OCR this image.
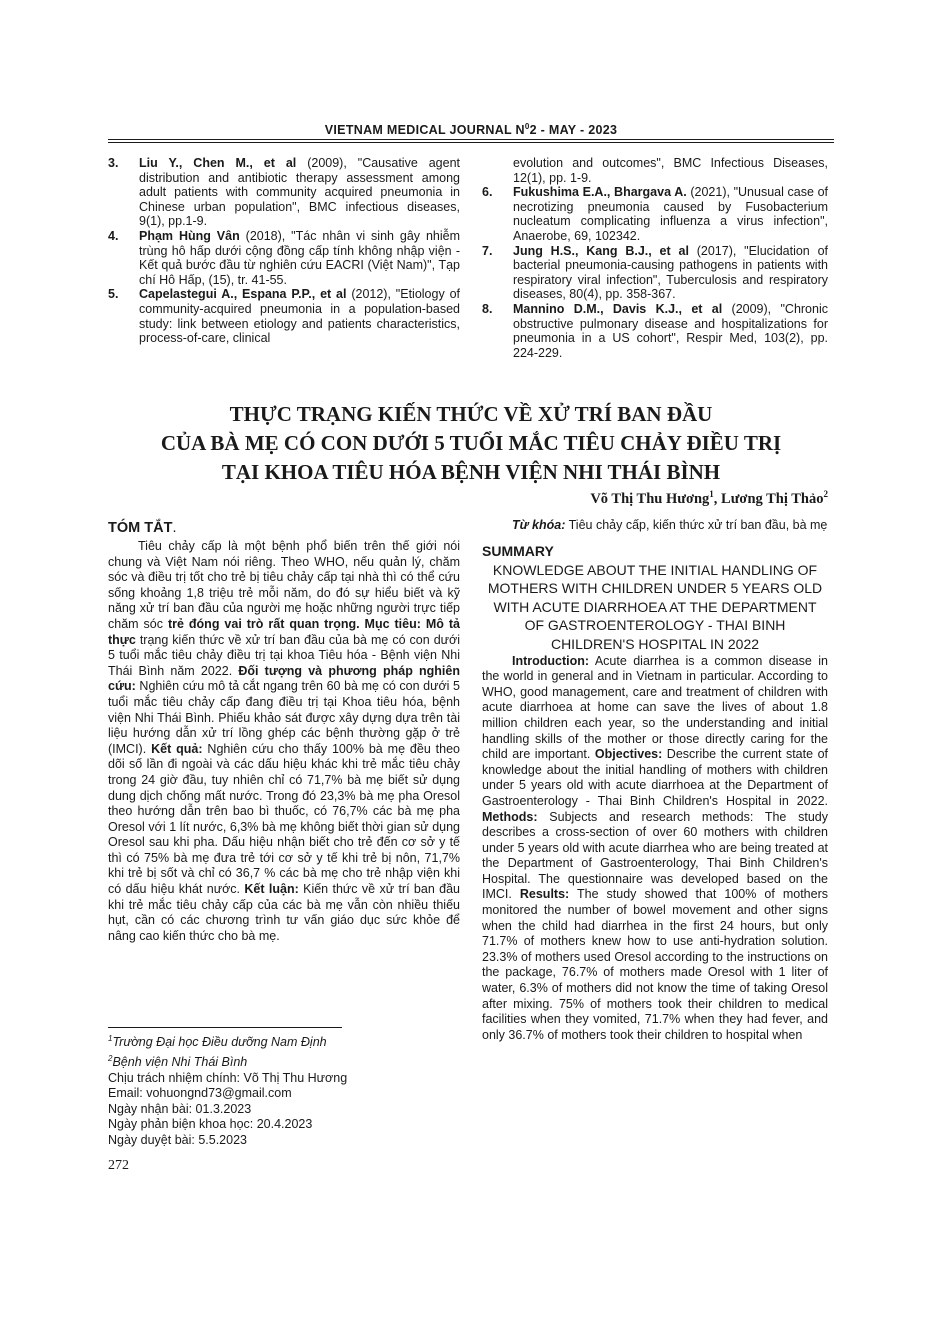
VIETNAM MEDICAL JOURNAL $N^02$ - MAY - 2023
3.	Liu Y., Chen M., et al (2009), "Causative agent distribution and antibiotic therapy assessment among adult patients with community acquired pneumonia in Chinese urban population", BMC infectious diseases, 9(1), pp.1-9.
4.	Phạm Hùng Vân (2018), "Tác nhân vi sinh gây nhiễm trùng hô hấp dưới cộng đồng cấp tính không nhập viện - Kết quả bước đầu từ nghiên cứu EACRI (Việt Nam)", Tạp chí Hô Hấp, (15), tr. 41-55.
5.	Capelastegui A., Espana P.P., et al (2012), "Etiology of community-acquired pneumonia in a population-based study: link between etiology and patients characteristics, process-of-care, clinical
evolution and outcomes", BMC Infectious Diseases, 12(1), pp. 1-9.
6.	Fukushima E.A., Bhargava A. (2021), "Unusual case of necrotizing pneumonia caused by Fusobacterium nucleatum complicating influenza a virus infection", Anaerobe, 69, 102342.
7.	Jung H.S., Kang B.J., et al (2017), "Elucidation of bacterial pneumonia-causing pathogens in patients with respiratory viral infection", Tuberculosis and respiratory diseases, 80(4), pp. 358-367.
8.	Mannino D.M., Davis K.J., et al (2009), "Chronic obstructive pulmonary disease and hospitalizations for pneumonia in a US cohort", Respir Med, 103(2), pp. 224-229.
THỰC TRẠNG KIẾN THỨC VỀ XỬ TRÍ BAN ĐẦU
CỦA BÀ MẸ CÓ CON DƯỚI 5 TUỔI MẮC TIÊU CHẢY ĐIỀU TRỊ
TẠI KHOA TIÊU HÓA BỆNH VIỆN NHI THÁI BÌNH
Võ Thị Thu Hương$^1$, Lương Thị Thảo$^2$
TÓM TẮT.
Tiêu chảy cấp là một bệnh phổ biến trên thế giới nói chung và Việt Nam nói riêng. Theo WHO, nếu quản lý, chăm sóc và điều trị tốt cho trẻ bị tiêu chảy cấp tại nhà thì có thể cứu sống khoảng 1,8 triệu trẻ mỗi năm, do đó sự hiểu biết và kỹ năng xử trí ban đầu của người mẹ hoặc những người trực tiếp chăm sóc trẻ đóng vai trò rất quan trọng. Mục tiêu: Mô tả thực trạng kiến thức về xử trí ban đầu của bà mẹ có con dưới 5 tuổi mắc tiêu chảy điều trị tại khoa Tiêu hóa - Bệnh viện Nhi Thái Bình năm 2022. Đối tượng và phương pháp nghiên cứu: Nghiên cứu mô tả cắt ngang trên 60 bà mẹ có con dưới 5 tuổi mắc tiêu chảy cấp đang điều trị tại Khoa tiêu hóa, bệnh viện Nhi Thái Bình. Phiếu khảo sát được xây dựng dựa trên tài liệu hướng dẫn xử trí lồng ghép các bệnh thường gặp ở trẻ (IMCI). Kết quả: Nghiên cứu cho thấy 100% bà mẹ đều theo dõi số lần đi ngoài và các dấu hiệu khác khi trẻ mắc tiêu chảy trong 24 giờ đầu, tuy nhiên chỉ có 71,7% bà mẹ biết sử dụng dung dịch chống mất nước. Trong đó 23,3% bà mẹ pha Oresol theo hướng dẫn trên bao bì thuốc, có 76,7% các bà mẹ pha Oresol với 1 lít nước, 6,3% bà mẹ không biết thời gian sử dụng Oresol sau khi pha. Dấu hiệu nhận biết cho trẻ đến cơ sở y tế thì có 75% bà mẹ đưa trẻ tới cơ sở y tế khi trẻ bị nôn, 71,7% khi trẻ bị sốt và chỉ có 36,7 % các bà mẹ cho trẻ nhập viện khi có dấu hiệu khát nước. Kết luận: Kiến thức về xử trí ban đầu khi trẻ mắc tiêu chảy cấp của các bà mẹ vẫn còn nhiều thiếu hụt, cần có các chương trình tư vấn giáo dục sức khỏe để nâng cao kiến thức cho bà mẹ.
Từ khóa: Tiêu chảy cấp, kiến thức xử trí ban đầu, bà mẹ
SUMMARY
KNOWLEDGE ABOUT THE INITIAL HANDLING OF MOTHERS WITH CHILDREN UNDER 5 YEARS OLD WITH ACUTE DIARRHOEA AT THE DEPARTMENT OF GASTROENTEROLOGY - THAI BINH CHILDREN'S HOSPITAL IN 2022
Introduction: Acute diarrhea is a common disease in the world in general and in Vietnam in particular. According to WHO, good management, care and treatment of children with acute diarrhoea at home can save the lives of about 1.8 million children each year, so the understanding and initial handling skills of the mother or those directly caring for the child are important. Objectives: Describe the current state of knowledge about the initial handling of mothers with children under 5 years old with acute diarrhoea at the Department of Gastroenterology - Thai Binh Children's Hospital in 2022. Methods: Subjects and research methods: The study describes a cross-section of over 60 mothers with children under 5 years old with acute diarrhea who are being treated at the Department of Gastroenterology, Thai Binh Children's Hospital. The questionnaire was developed based on the IMCI. Results: The study showed that 100% of mothers monitored the number of bowel movement and other signs when the child had diarrhea in the first 24 hours, but only 71.7% of mothers knew how to use anti-hydration solution. 23.3% of mothers used Oresol according to the instructions on the package, 76.7% of mothers made Oresol with 1 liter of water, 6.3% of mothers did not know the time of taking Oresol after mixing. 75% of mothers took their children to medical facilities when they vomited, 71.7% when they had fever, and only 36.7% of mothers took their children to hospital when
$^1$Trường Đại học Điều dưỡng Nam Định
$^2$Bệnh viện Nhi Thái Bình
Chịu trách nhiệm chính: Võ Thị Thu Hương
Email: vohuongnd73@gmail.com
Ngày nhận bài: 01.3.2023
Ngày phản biện khoa học: 20.4.2023
Ngày duyệt bài: 5.5.2023
272
